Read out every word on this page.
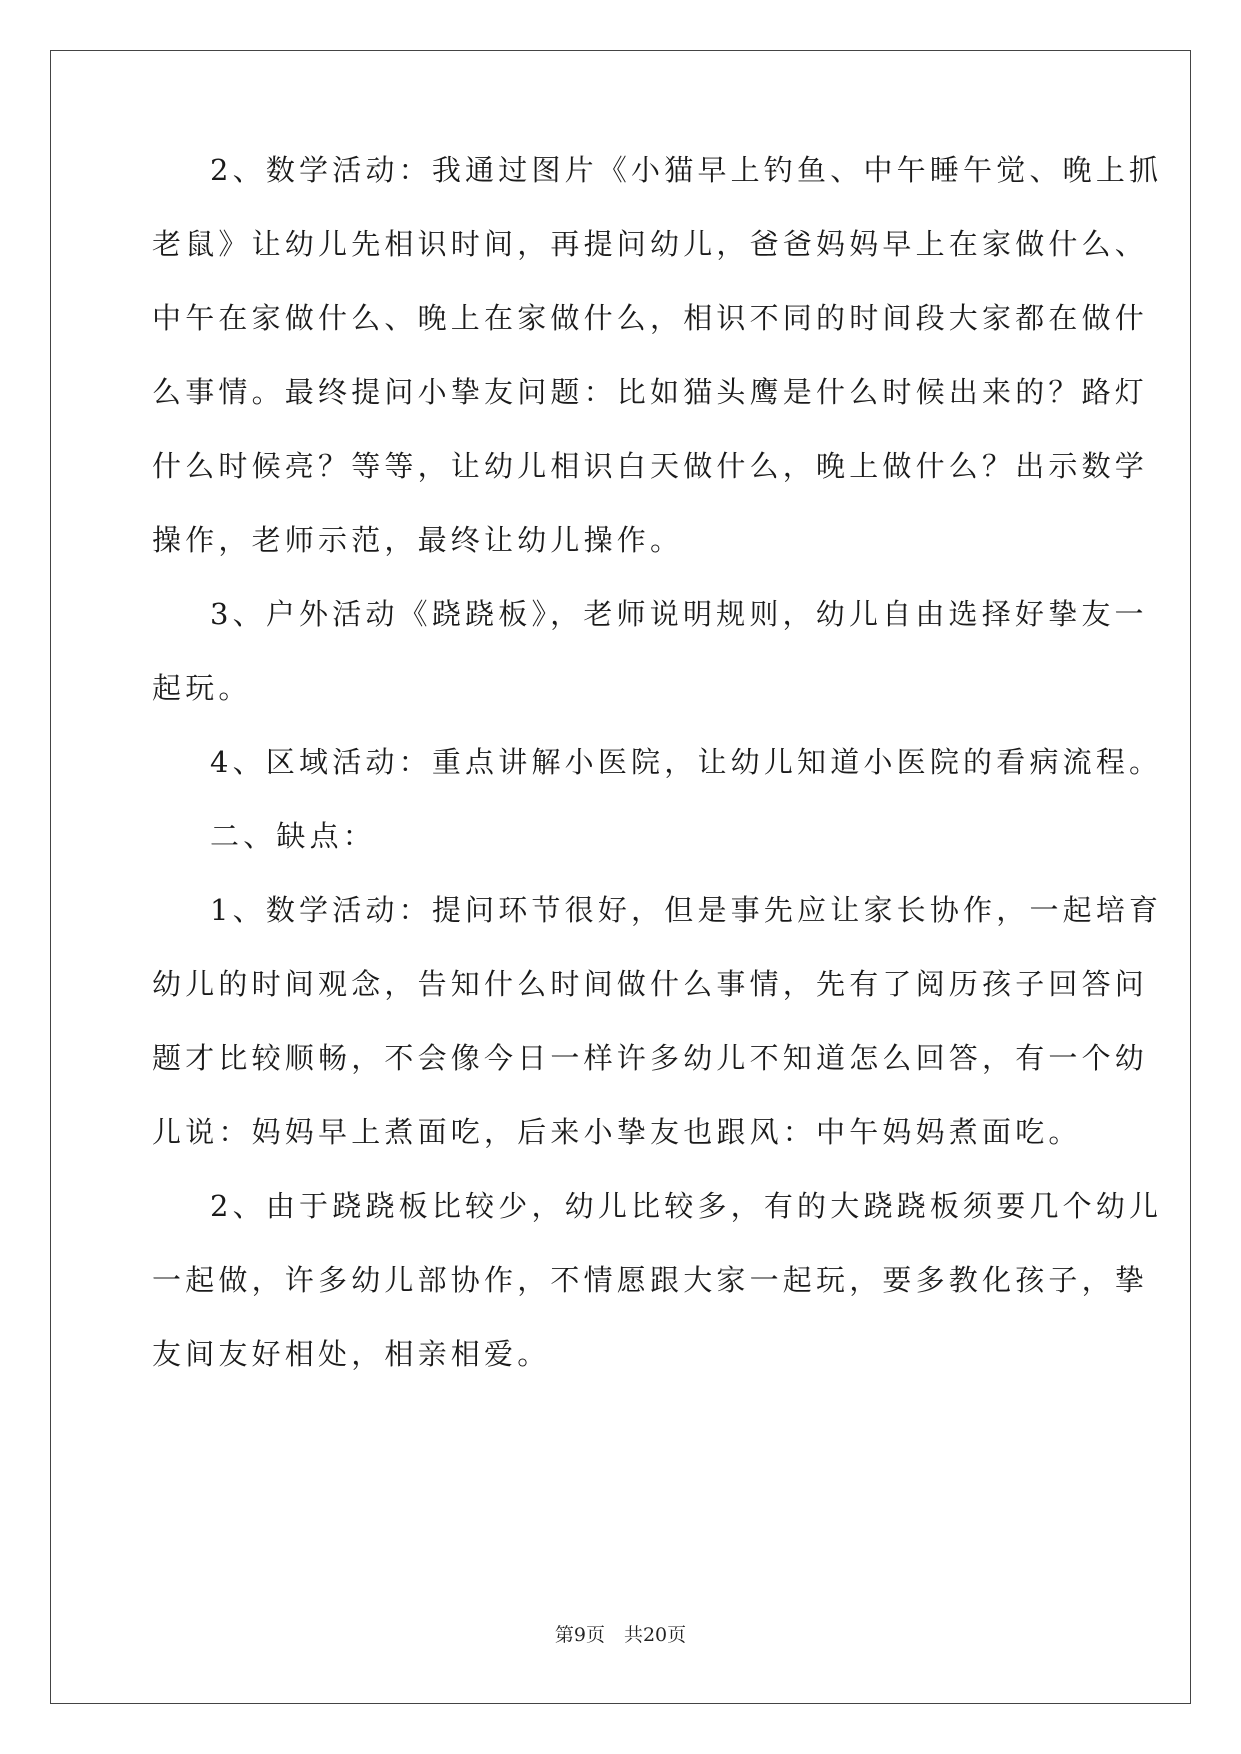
2、数学活动：我通过图片《小猫早上钓鱼、中午睡午觉、晚上抓
老鼠》让幼儿先相识时间，再提问幼儿，爸爸妈妈早上在家做什么、
中午在家做什么、晚上在家做什么，相识不同的时间段大家都在做什
么事情。最终提问小挚友问题：比如猫头鹰是什么时候出来的？路灯
什么时候亮？等等，让幼儿相识白天做什么，晚上做什么？出示数学
操作，老师示范，最终让幼儿操作。
3、户外活动《跷跷板》，老师说明规则，幼儿自由选择好挚友一
起玩。
4、区域活动：重点讲解小医院，让幼儿知道小医院的看病流程。
二、缺点：
1、数学活动：提问环节很好，但是事先应让家长协作，一起培育
幼儿的时间观念，告知什么时间做什么事情，先有了阅历孩子回答问
题才比较顺畅，不会像今日一样许多幼儿不知道怎么回答，有一个幼
儿说：妈妈早上煮面吃，后来小挚友也跟风：中午妈妈煮面吃。
2、由于跷跷板比较少，幼儿比较多，有的大跷跷板须要几个幼儿
一起做，许多幼儿部协作，不情愿跟大家一起玩，要多教化孩子，挚
友间友好相处，相亲相爱。
第9页　共20页
